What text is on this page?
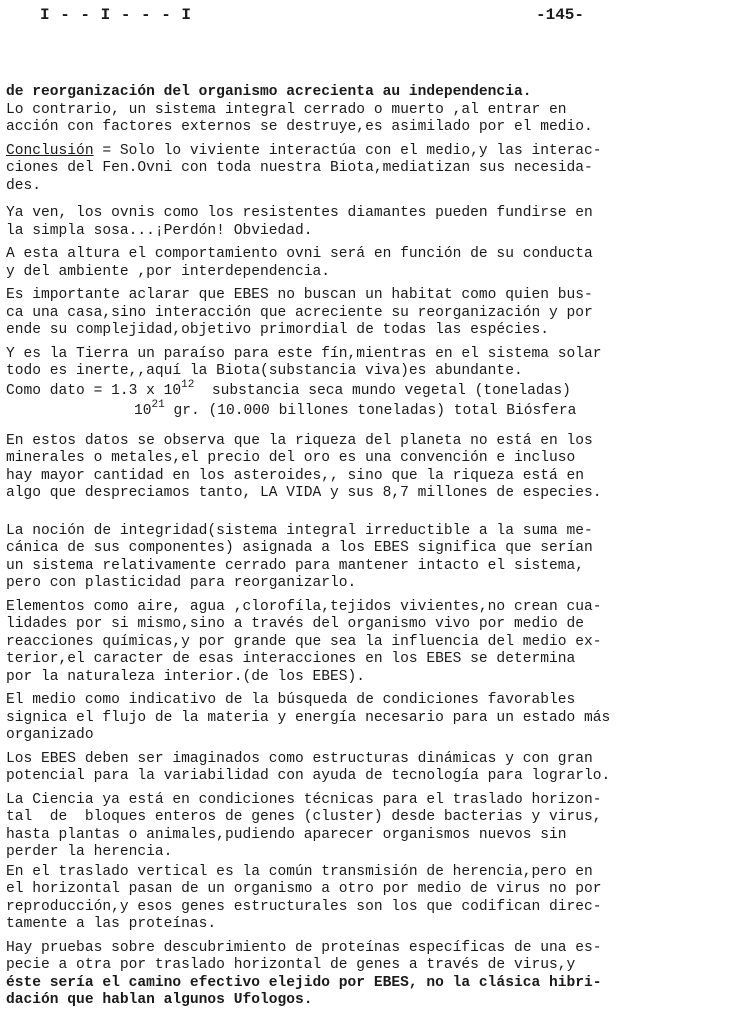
I - - I - - - I	-145-
de reorganización del organismo acrecienta au independencia.
Lo contrario, un sistema integral cerrado o muerto ,al entrar en
acción con factores externos se destruye,es asimilado por el medio.
Conclusión = Solo lo viviente interactúa con el medio,y las interac-
ciones del Fen.Ovni con toda nuestra Biota,mediatizan sus necesida-
des.
Ya ven, los ovnis como los resistentes diamantes pueden fundirse en
la simpla sosa...¡Perdón! Obviedad.
A esta altura el comportamiento ovni será en función de su conducta
y del ambiente ,por interdependencia.
Es importante aclarar que EBES no buscan un habitat como quien bus-
ca una casa,sino interacción que acreciente su reorganización y por
ende su complejidad,objetivo primordial de todas las espécies.
Y es la Tierra un paraíso para este fín,mientras en el sistema solar
todo es inerte,,aquí la Biota(substancia viva)es abundante.
Como dato = 1.3 x $10^{12}$  substancia seca mundo vegetal (toneladas)
$10^{21}$ gr. (10.000 billones toneladas) total Biósfera
En estos datos se observa que la riqueza del planeta no está en los
minerales o metales,el precio del oro es una convención e incluso
hay mayor cantidad en los asteroides,, sino que la riqueza está en
algo que despreciamos tanto, LA VIDA y sus 8,7 millones de especies.
La noción de integridad(sistema integral irreductible a la suma me-
cánica de sus componentes) asignada a los EBES significa que serían
un sistema relativamente cerrado para mantener intacto el sistema,
pero con plasticidad para reorganizarlo.
Elementos como aire, agua ,clorofíla,tejidos vivientes,no crean cua-
lidades por si mismo,sino a través del organismo vivo por medio de
reacciones químicas,y por grande que sea la influencia del medio ex-
terior,el caracter de esas interacciones en los EBES se determina
por la naturaleza interior.(de los EBES).
El medio como indicativo de la búsqueda de condiciones favorables
signica el flujo de la materia y energía necesario para un estado más
organizado
Los EBES deben ser imaginados como estructuras dinámicas y con gran
potencial para la variabilidad con ayuda de tecnología para lograrlo.
La Ciencia ya está en condiciones técnicas para el traslado horizon-
tal  de  bloques enteros de genes (cluster) desde bacterias y virus,
hasta plantas o animales,pudiendo aparecer organismos nuevos sin
perder la herencia.
En el traslado vertical es la común transmisión de herencia,pero en
el horizontal pasan de un organismo a otro por medio de virus no por
reproducción,y esos genes estructurales son los que codifican direc-
tamente a las proteínas.
Hay pruebas sobre descubrimiento de proteínas específicas de una es-
pecie a otra por traslado horizontal de genes a través de virus,y
éste sería el camino efectivo elejido por EBES, no la clásica hibri-
dación que hablan algunos Ufologos.
